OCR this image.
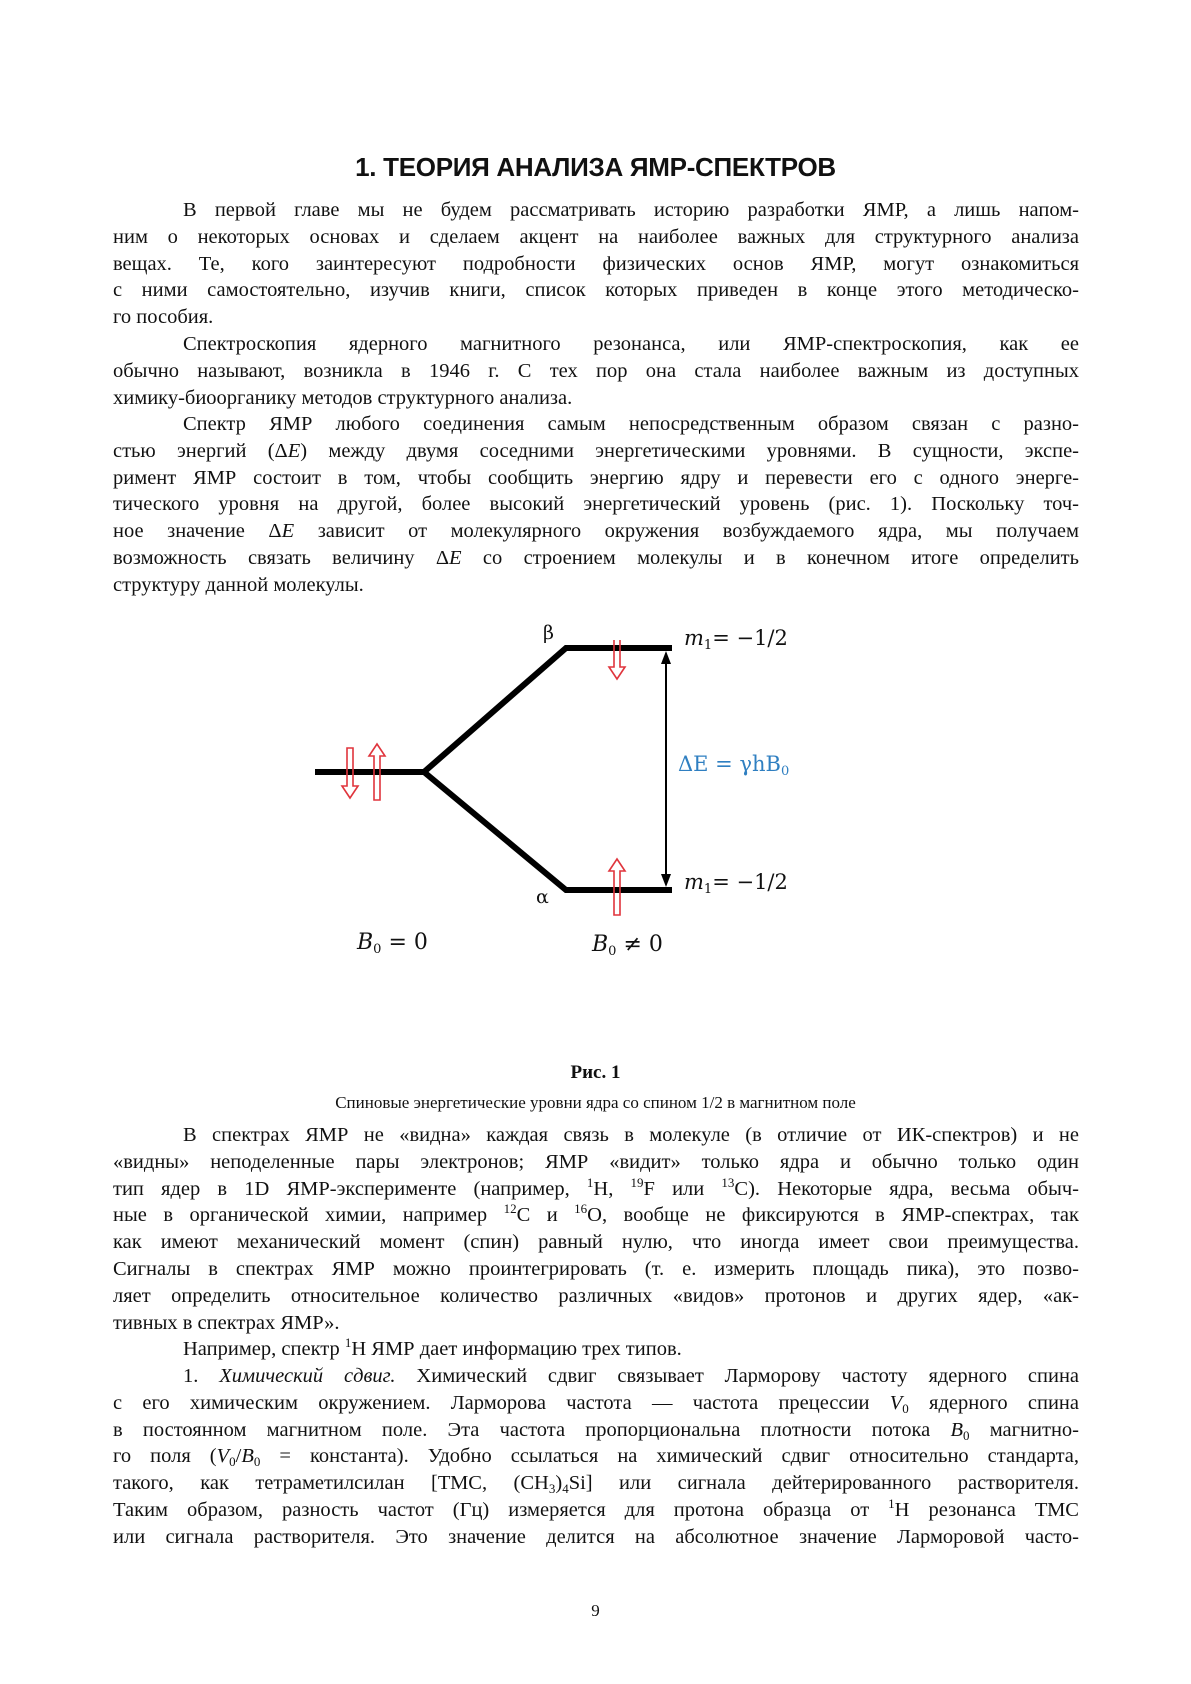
1. ТЕОРИЯ АНАЛИЗА ЯМР-СПЕКТРОВ
В первой главе мы не будем рассматривать историю разработки ЯМР, а лишь напом-
ним о некоторых основах и сделаем акцент на наиболее важных для структурного анализа
вещах. Те, кого заинтересуют подробности физических основ ЯМР, могут ознакомиться
с ними самостоятельно, изучив книги, список которых приведен в конце этого методическо-
го пособия.
Спектроскопия ядерного магнитного резонанса, или ЯМР-спектроскопия, как ее
обычно называют, возникла в 1946 г. С тех пор она стала наиболее важным из доступных
химику-биоорганику методов структурного анализа.
Спектр ЯМР любого соединения самым непосредственным образом связан с разно-
стью энергий (ΔE) между двумя соседними энергетическими уровнями. В сущности, экспе-
римент ЯМР состоит в том, чтобы сообщить энергию ядру и перевести его с одного энерге-
тического уровня на другой, более высокий энергетический уровень (рис. 1). Поскольку точ-
ное значение ΔE зависит от молекулярного окружения возбуждаемого ядра, мы получаем
возможность связать величину ΔE со строением молекулы и в конечном итоге определить
структуру данной молекулы.
β
α
$m_1= -1/2$
$m_1= -1/2$
ΔE = γhB$_0$
$B_0 = 0$	$B_0 \ne 0$
Рис. 1
Спиновые энергетические уровни ядра со спином 1/2 в магнитном поле
В спектрах ЯМР не «видна» каждая связь в молекуле (в отличие от ИК-спектров) и не
«видны» неподеленные пары электронов; ЯМР «видит» только ядра и обычно только один
тип ядер в 1D ЯМР-эксперименте (например, $^1$H, $^{19}$F или $^{13}$C). Некоторые ядра, весьма обыч-
ные в органической химии, например $^{12}$C и $^{16}$O, вообще не фиксируются в ЯМР-спектрах, так
как имеют механический момент (спин) равный нулю, что иногда имеет свои преимущества.
Сигналы в спектрах ЯМР можно проинтегрировать (т. е. измерить площадь пика), это позво-
ляет определить относительное количество различных «видов» протонов и других ядер, «ак-
тивных в спектрах ЯМР».
Например, спектр $^1$H ЯМР дает информацию трех типов.
1. Химический сдвиг. Химический сдвиг связывает Ларморову частоту ядерного спина
с его химическим окружением. Ларморова частота — частота прецессии $V_0$ ядерного спина
в постоянном магнитном поле. Эта частота пропорциональна плотности потока $B_0$ магнитно-
го поля ($V_0/B_0$ = константа). Удобно ссылаться на химический сдвиг относительно стандарта,
такого, как тетраметилсилан [ТМС, $(CH_3)_4Si$] или сигнала дейтерированного растворителя.
Таким образом, разность частот (Гц) измеряется для протона образца от $^1$H резонанса ТМС
или сигнала растворителя. Это значение делится на абсолютное значение Ларморовой часто-
9
